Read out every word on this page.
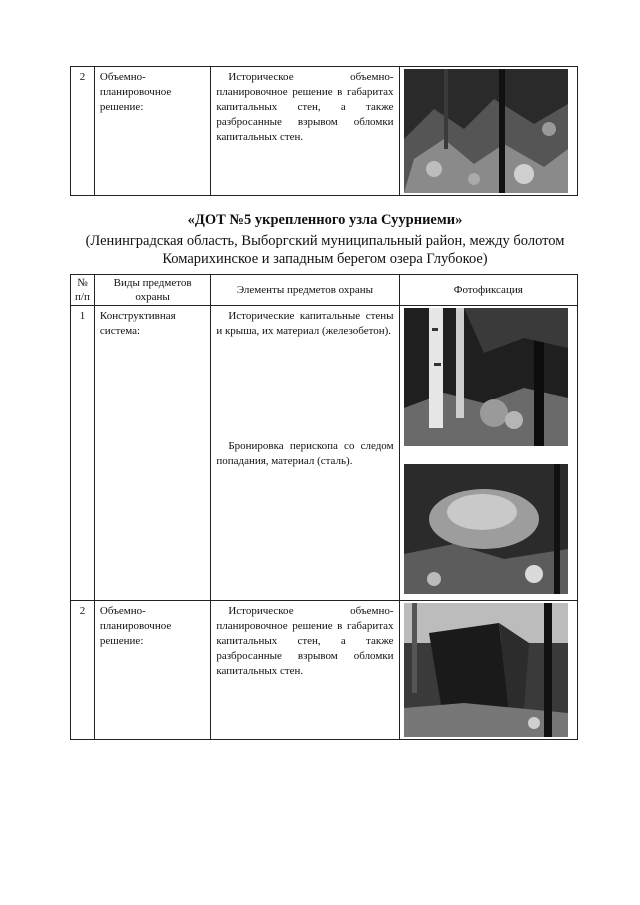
2	Объемно-планировочное решение:	Историческое объемно-планировочное решение в габаритах капитальных стен, а также разбросанные взрывом обломки капитальных стен.	
«ДОТ №5 укрепленного узла Суурниеми»
(Ленинградская область, Выборгский муниципальный район, между болотом
Комарихинское и западным берегом озера Глубокое)
№ п/п	Виды предметов охраны	Элементы предметов охраны	Фотофиксация
1	Конструктивная система:	Исторические капитальные стены и крыша, их материал (железобетон).
Бронировка перископа со следом попадания, материал (сталь).

2	Объемно-планировочное решение:	Историческое объемно-планировочное решение в габаритах капитальных стен, а также разбросанные взрывом обломки капитальных стен.	
